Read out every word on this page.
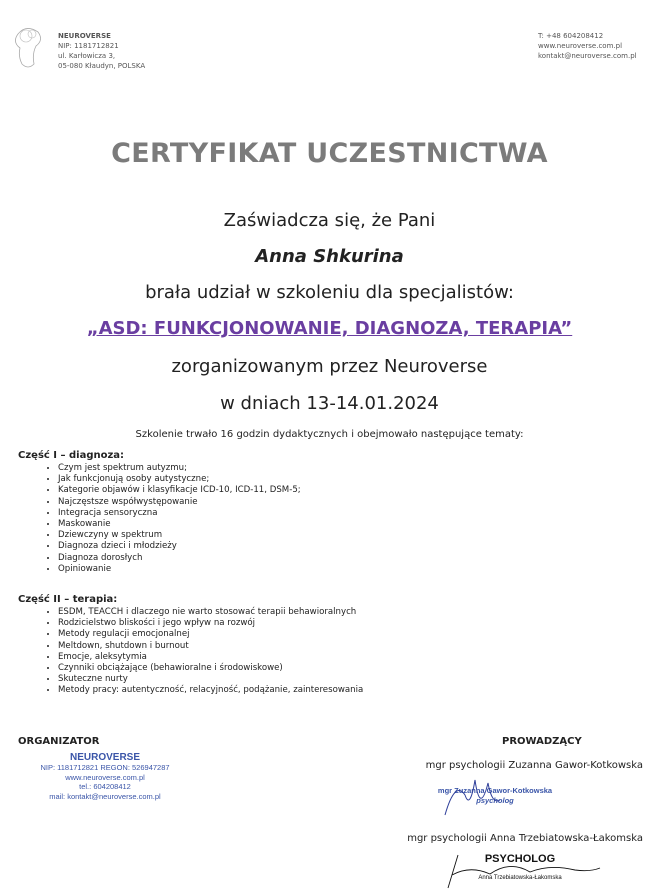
NEUROVERSE
NIP: 1181712821
ul. Karłowicza 3,
05-080 Kłaudyn, POLSKA
T: +48 604208412
www.neuroverse.com.pl
kontakt@neuroverse.com.pl
CERTYFIKAT UCZESTNICTWA
Zaświadcza się, że Pani
Anna Shkurina
brała udział w szkoleniu dla specjalistów:
„ASD: FUNKCJONOWANIE, DIAGNOZA, TERAPIA”
zorganizowanym przez Neuroverse
w dniach 13-14.01.2024
Szkolenie trwało 16 godzin dydaktycznych i obejmowało następujące tematy:
Część I – diagnoza:
• Czym jest spektrum autyzmu;
• Jak funkcjonują osoby autystyczne;
• Kategorie objawów i klasyfikacje ICD-10, ICD-11, DSM-5;
• Najczęstsze współwystępowanie
• Integracja sensoryczna
• Maskowanie
• Dziewczyny w spektrum
• Diagnoza dzieci i młodzieży
• Diagnoza dorosłych
• Opiniowanie
Część II – terapia:
• ESDM, TEACCH i dlaczego nie warto stosować terapii behawioralnych
• Rodzicielstwo bliskości i jego wpływ na rozwój
• Metody regulacji emocjonalnej
• Meltdown, shutdown i burnout
• Emocje, aleksytymia
• Czynniki obciążające (behawioralne i środowiskowe)
• Skuteczne nurty
• Metody pracy: autentyczność, relacyjność, podążanie, zainteresowania
ORGANIZATOR
NEUROVERSE
NIP: 1181712821 REGON: 526947287
www.neuroverse.com.pl
tel.: 604208412
mail: kontakt@neuroverse.com.pl
PROWADZĄCY
mgr psychologii Zuzanna Gawor-Kotkowska
mgr Zuzanna Gawor-Kotkowska
psycholog
mgr psychologii Anna Trzebiatowska-Łakomska
PSYCHOLOG
Anna Trzebiatowska-Łakomska
